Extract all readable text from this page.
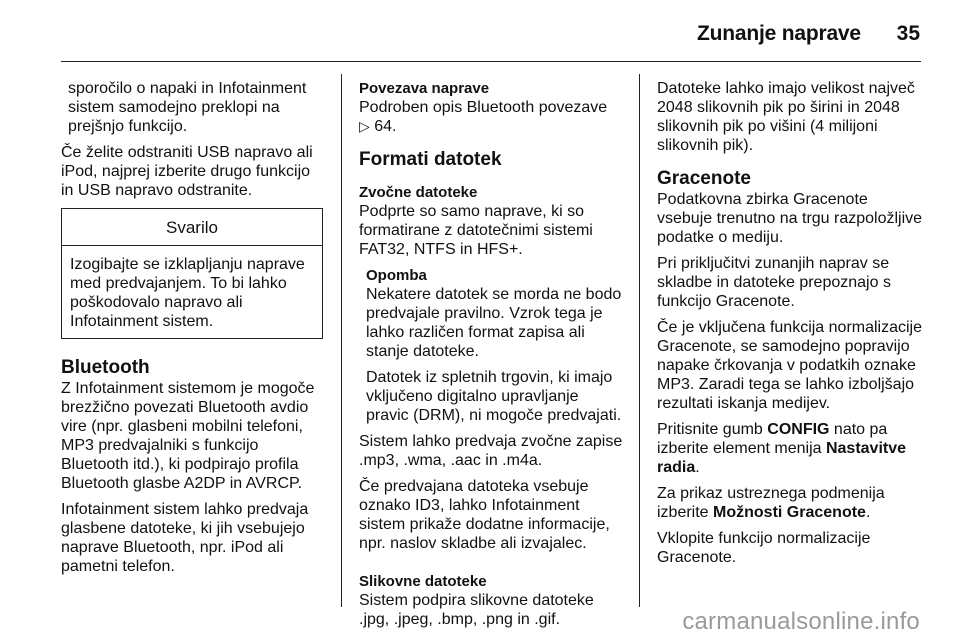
Zunanje naprave 35

sporočilo o napaki in Infotainment sistem samodejno preklopi na prejšnjo funkcijo.

Če želite odstraniti USB napravo ali iPod, najprej izberite drugo funkcijo in USB napravo odstranite.

Svarilo
Izogibajte se izklapljanju naprave med predvajanjem. To bi lahko poškodovalo napravo ali Infotainment sistem.
Bluetooth

Z Infotainment sistemom je mogoče brezžično povezati Bluetooth avdio vire (npr. glasbeni mobilni telefoni, MP3 predvajalniki s funkcijo Bluetooth itd.), ki podpirajo profila Bluetooth glasbe A2DP in AVRCP.

Infotainment sistem lahko predvaja glasbene datoteke, ki jih vsebujejo naprave Bluetooth, npr. iPod ali pametni telefon.

Povezava naprave

Podroben opis Bluetooth povezave
▷ 64.

Formati datotek
Zvočne datoteke

Podprte so samo naprave, ki so formatirane z datotečnimi sistemi FAT32, NTFS in HFS+.

Opomba

Nekatere datotek se morda ne bodo predvajale pravilno. Vzrok tega je lahko različen format zapisa ali stanje datoteke.

Datotek iz spletnih trgovin, ki imajo vključeno digitalno upravljanje pravic (DRM), ni mogoče predvajati.

Sistem lahko predvaja zvočne zapise .mp3, .wma, .aac in .m4a.

Če predvajana datoteka vsebuje oznako ID3, lahko Infotainment sistem prikaže dodatne informacije, npr. naslov skladbe ali izvajalec.

Slikovne datoteke

Sistem podpira slikovne datoteke .jpg, .jpeg, .bmp, .png in .gif.

Datoteke lahko imajo velikost največ 2048 slikovnih pik po širini in 2048 slikovnih pik po višini (4 milijoni slikovnih pik).

Gracenote

Podatkovna zbirka Gracenote vsebuje trenutno na trgu razpoložljive podatke o mediju.

Pri priključitvi zunanjih naprav se skladbe in datoteke prepoznajo s funkcijo Gracenote.

Če je vključena funkcija normalizacije Gracenote, se samodejno popravijo napake črkovanja v podatkih oznake MP3. Zaradi tega se lahko izboljšajo rezultati iskanja medijev.

Pritisnite gumb CONFIG nato pa izberite element menija Nastavitve radia.

Za prikaz ustreznega podmenija izberite Možnosti Gracenote.

Vklopite funkcijo normalizacije Gracenote.

carmanualsonline.info
